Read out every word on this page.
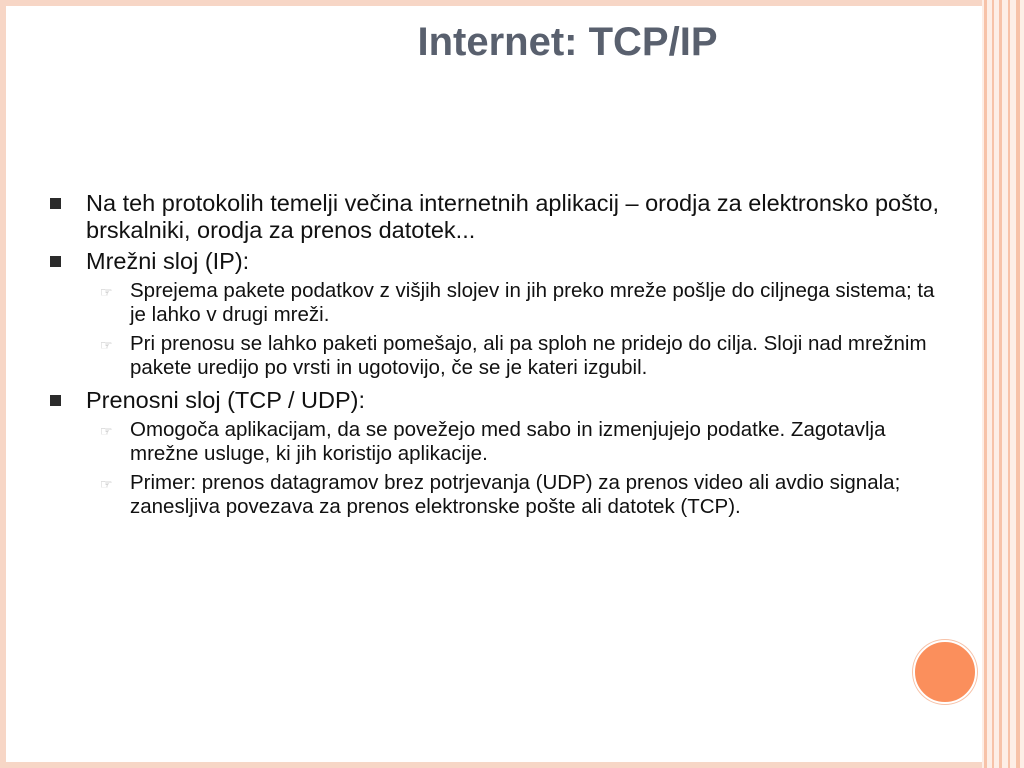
Internet: TCP/IP
Na teh protokolih temelji večina internetnih aplikacij – orodja za elektronsko pošto, brskalniki, orodja za prenos datotek...
Mrežni sloj (IP):
☞ Sprejema pakete podatkov z višjih slojev in jih preko mreže pošlje do ciljnega sistema; ta je lahko v drugi mreži.
☞ Pri prenosu se lahko paketi pomešajo, ali pa sploh ne pridejo do cilja. Sloji nad mrežnim pakete uredijo po vrsti in ugotovijo, če se je kateri izgubil.
Prenosni sloj (TCP / UDP):
☞ Omogoča aplikacijam, da se povežejo med sabo in izmenjujejo podatke. Zagotavlja mrežne usluge, ki jih koristijo aplikacije.
☞ Primer: prenos datagramov brez potrjevanja (UDP) za prenos video ali avdio signala; zanesljiva povezava za prenos elektronske pošte ali datotek (TCP).
